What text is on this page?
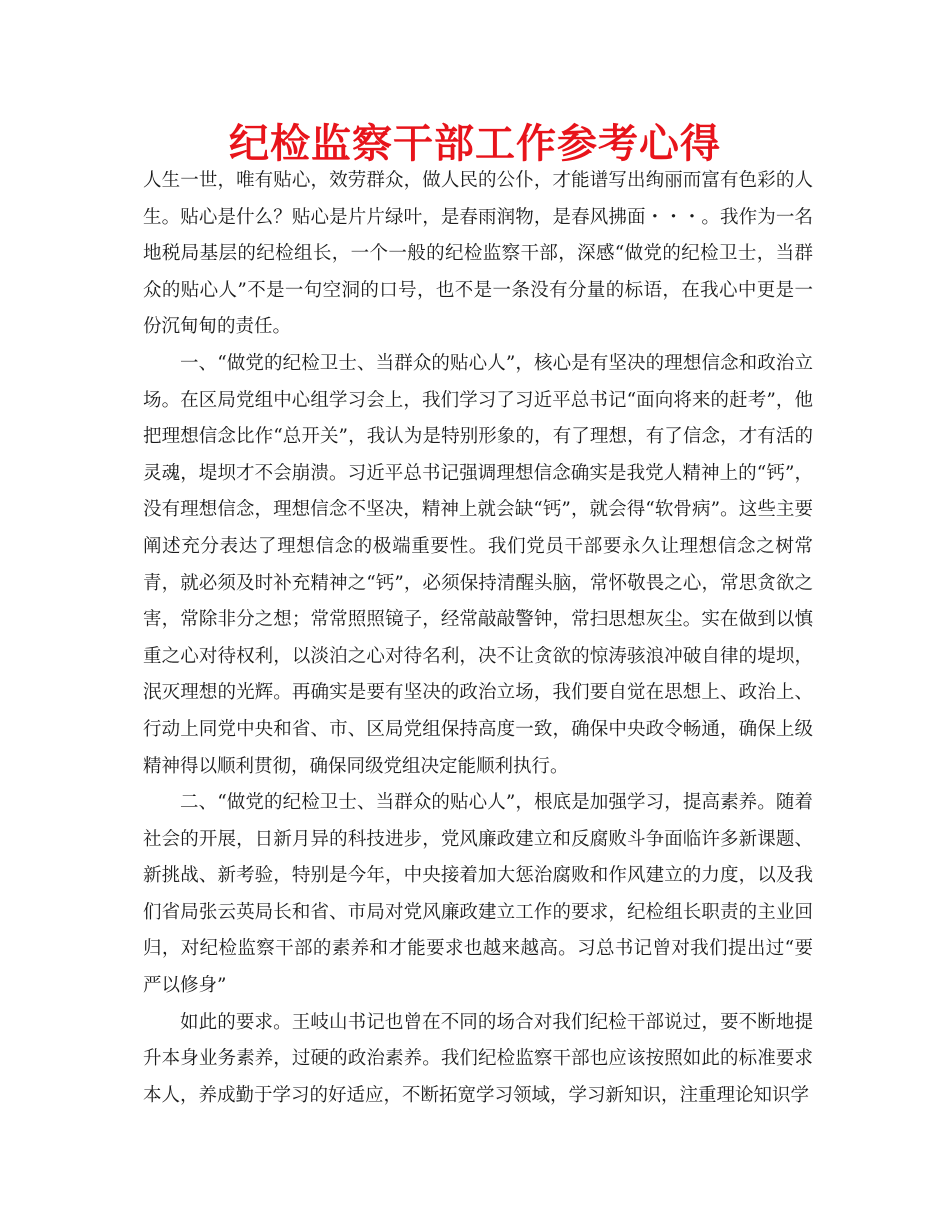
纪检监察干部工作参考心得

人生一世，唯有贴心，效劳群众，做人民的公仆，才能谱写出绚丽而富有色彩的人生。贴心是什么？贴心是片片绿叶，是春雨润物，是春风拂面・・・。我作为一名地税局基层的纪检组长，一个一般的纪检监察干部，深感“做党的纪检卫士，当群众的贴心人”不是一句空洞的口号，也不是一条没有分量的标语，在我心中更是一份沉甸甸的责任。

一、“做党的纪检卫士、当群众的贴心人”，核心是有坚决的理想信念和政治立场。在区局党组中心组学习会上，我们学习了习近平总书记“面向将来的赶考”，他把理想信念比作“总开关”，我认为是特别形象的，有了理想，有了信念，才有活的灵魂，堤坝才不会崩溃。习近平总书记强调理想信念确实是我党人精神上的“钙”，没有理想信念，理想信念不坚决，精神上就会缺“钙”，就会得“软骨病”。这些主要阐述充分表达了理想信念的极端重要性。我们党员干部要永久让理想信念之树常青，就必须及时补充精神之“钙”，必须保持清醒头脑，常怀敬畏之心，常思贪欲之害，常除非分之想；常常照照镜子，经常敲敲警钟，常扫思想灰尘。实在做到以慎重之心对待权利，以淡泊之心对待名利，决不让贪欲的惊涛骇浪冲破自律的堤坝，泯灭理想的光辉。再确实是要有坚决的政治立场，我们要自觉在思想上、政治上、行动上同党中央和省、市、区局党组保持高度一致，确保中央政令畅通，确保上级精神得以顺利贯彻，确保同级党组决定能顺利执行。

二、“做党的纪检卫士、当群众的贴心人”，根底是加强学习，提高素养。随着社会的开展，日新月异的科技进步，党风廉政建立和反腐败斗争面临许多新课题、新挑战、新考验，特别是今年，中央接着加大惩治腐败和作风建立的力度，以及我们省局张云英局长和省、市局对党风廉政建立工作的要求，纪检组长职责的主业回归，对纪检监察干部的素养和才能要求也越来越高。习总书记曾对我们提出过“要严以修身”

如此的要求。王岐山书记也曾在不同的场合对我们纪检干部说过，要不断地提升本身业务素养，过硬的政治素养。我们纪检监察干部也应该按照如此的标准要求本人，养成勤于学习的好适应，不断拓宽学习领域，学习新知识，注重理论知识学
